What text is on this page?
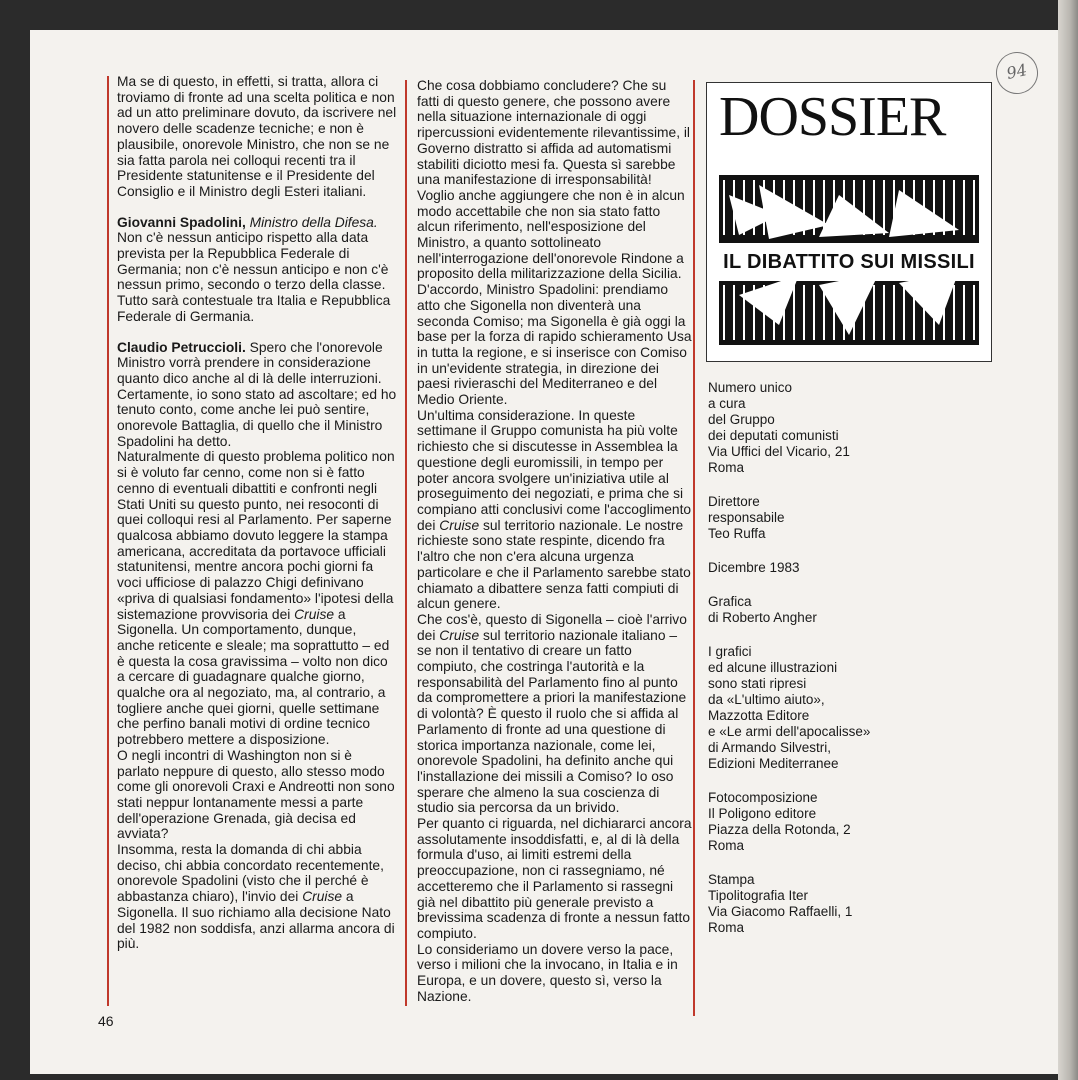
Ma se di questo, in effetti, si tratta, allora ci troviamo di fronte ad una scelta politica e non ad un atto preliminare dovuto, da iscrivere nel novero delle scadenze tecniche; e non è plausibile, onorevole Ministro, che non se ne sia fatta parola nei colloqui recenti tra il Presidente statunitense e il Presidente del Consiglio e il Ministro degli Esteri italiani.

Giovanni Spadolini, Ministro della Difesa. Non c'è nessun anticipo rispetto alla data prevista per la Repubblica Federale di Germania; non c'è nessun anticipo e non c'è nessun primo, secondo o terzo della classe. Tutto sarà contestuale tra Italia e Repubblica Federale di Germania.

Claudio Petruccioli. Spero che l'onorevole Ministro vorrà prendere in considerazione quanto dico anche al di là delle interruzioni. Certamente, io sono stato ad ascoltare; ed ho tenuto conto, come anche lei può sentire, onorevole Battaglia, di quello che il Ministro Spadolini ha detto.

Naturalmente di questo problema politico non si è voluto far cenno, come non si è fatto cenno di eventuali dibattiti e confronti negli Stati Uniti su questo punto, nei resoconti di quei colloqui resi al Parlamento. Per saperne qualcosa abbiamo dovuto leggere la stampa americana, accreditata da portavoce ufficiali statunitensi, mentre ancora pochi giorni fa voci ufficiose di palazzo Chigi definivano «priva di qualsiasi fondamento» l'ipotesi della sistemazione provvisoria dei Cruise a Sigonella. Un comportamento, dunque, anche reticente e sleale; ma soprattutto – ed è questa la cosa gravissima – volto non dico a cercare di guadagnare qualche giorno, qualche ora al negoziato, ma, al contrario, a togliere anche quei giorni, quelle settimane che perfino banali motivi di ordine tecnico potrebbero mettere a disposizione.

O negli incontri di Washington non si è parlato neppure di questo, allo stesso modo come gli onorevoli Craxi e Andreotti non sono stati neppur lontanamente messi a parte dell'operazione Grenada, già decisa ed avviata?

Insomma, resta la domanda di chi abbia deciso, chi abbia concordato recentemente, onorevole Spadolini (visto che il perché è abbastanza chiaro), l'invio dei Cruise a Sigonella. Il suo richiamo alla decisione Nato del 1982 non soddisfa, anzi allarma ancora di più.

Che cosa dobbiamo concludere? Che su fatti di questo genere, che possono avere nella situazione internazionale di oggi ripercussioni evidentemente rilevantissime, il Governo distratto si affida ad automatismi stabiliti diciotto mesi fa. Questa sì sarebbe una manifestazione di irresponsabilità!

Voglio anche aggiungere che non è in alcun modo accettabile che non sia stato fatto alcun riferimento, nell'esposizione del Ministro, a quanto sottolineato nell'interrogazione dell'onorevole Rindone a proposito della militarizzazione della Sicilia. D'accordo, Ministro Spadolini: prendiamo atto che Sigonella non diventerà una seconda Comiso; ma Sigonella è già oggi la base per la forza di rapido schieramento Usa in tutta la regione, e si inserisce con Comiso in un'evidente strategia, in direzione dei paesi rivieraschi del Mediterraneo e del Medio Oriente.

Un'ultima considerazione. In queste settimane il Gruppo comunista ha più volte richiesto che si discutesse in Assemblea la questione degli euromissili, in tempo per poter ancora svolgere un'iniziativa utile al proseguimento dei negoziati, e prima che si compiano atti conclusivi come l'accoglimento dei Cruise sul territorio nazionale. Le nostre richieste sono state respinte, dicendo fra l'altro che non c'era alcuna urgenza particolare e che il Parlamento sarebbe stato chiamato a dibattere senza fatti compiuti di alcun genere.

Che cos'è, questo di Sigonella – cioè l'arrivo dei Cruise sul territorio nazionale italiano – se non il tentativo di creare un fatto compiuto, che costringa l'autorità e la responsabilità del Parlamento fino al punto da compromettere a priori la manifestazione di volontà? È questo il ruolo che si affida al Parlamento di fronte ad una questione di storica importanza nazionale, come lei, onorevole Spadolini, ha definito anche qui l'installazione dei missili a Comiso? Io oso sperare che almeno la sua coscienza di studio sia percorsa da un brivido.

Per quanto ci riguarda, nel dichiararci ancora assolutamente insoddisfatti, e, al di là della formula d'uso, ai limiti estremi della preoccupazione, non ci rassegniamo, né accetteremo che il Parlamento si rassegni già nel dibattito più generale previsto a brevissima scadenza di fronte a nessun fatto compiuto.

Lo consideriamo un dovere verso la pace, verso i milioni che la invocano, in Italia e in Europa, e un dovere, questo sì, verso la Nazione.

94
DOSSIER
IL DIBATTITO SUI MISSILI
Numero unico
a cura
del Gruppo
dei deputati comunisti
Via Uffici del Vicario, 21
Roma
Direttore
responsabile
Teo Ruffa
Dicembre 1983
Grafica
di Roberto Angher
I grafici
ed alcune illustrazioni
sono stati ripresi
da «L'ultimo aiuto»,
Mazzotta Editore
e «Le armi dell'apocalisse»
di Armando Silvestri,
Edizioni Mediterranee
Fotocomposizione
Il Poligono editore
Piazza della Rotonda, 2
Roma
Stampa
Tipolitografia Iter
Via Giacomo Raffaelli, 1
Roma
46
